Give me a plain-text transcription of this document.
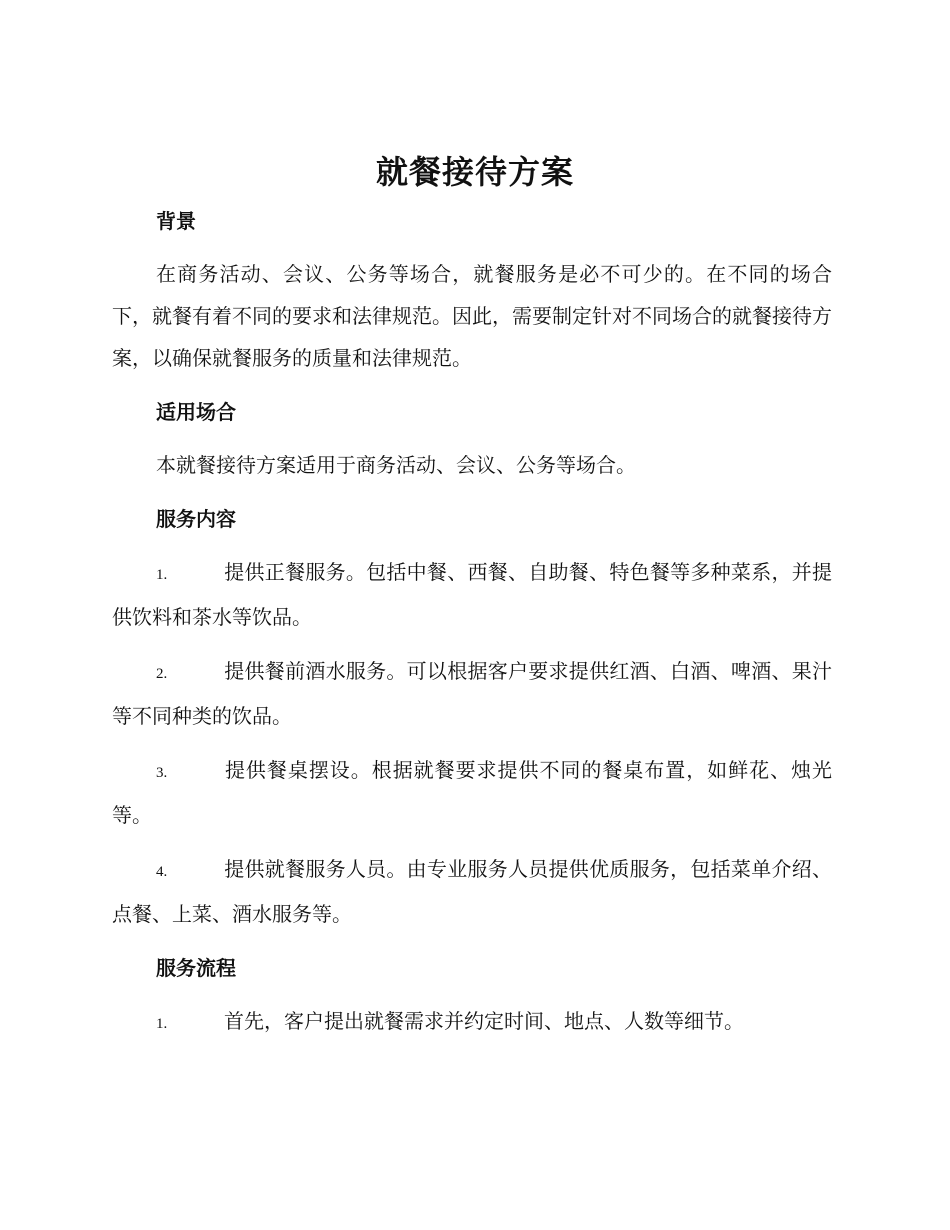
就餐接待方案
背景

在商务活动、会议、公务等场合，就餐服务是必不可少的。在不同的场合下，就餐有着不同的要求和法律规范。因此，需要制定针对不同场合的就餐接待方案，以确保就餐服务的质量和法律规范。

适用场合

本就餐接待方案适用于商务活动、会议、公务等场合。

服务内容

1.	提供正餐服务。包括中餐、西餐、自助餐、特色餐等多种菜系，并提供饮料和茶水等饮品。

2.	提供餐前酒水服务。可以根据客户要求提供红酒、白酒、啤酒、果汁等不同种类的饮品。

3.	提供餐桌摆设。根据就餐要求提供不同的餐桌布置，如鲜花、烛光等。

4.	提供就餐服务人员。由专业服务人员提供优质服务，包括菜单介绍、点餐、上菜、酒水服务等。

服务流程

1.	首先，客户提出就餐需求并约定时间、地点、人数等细节。
